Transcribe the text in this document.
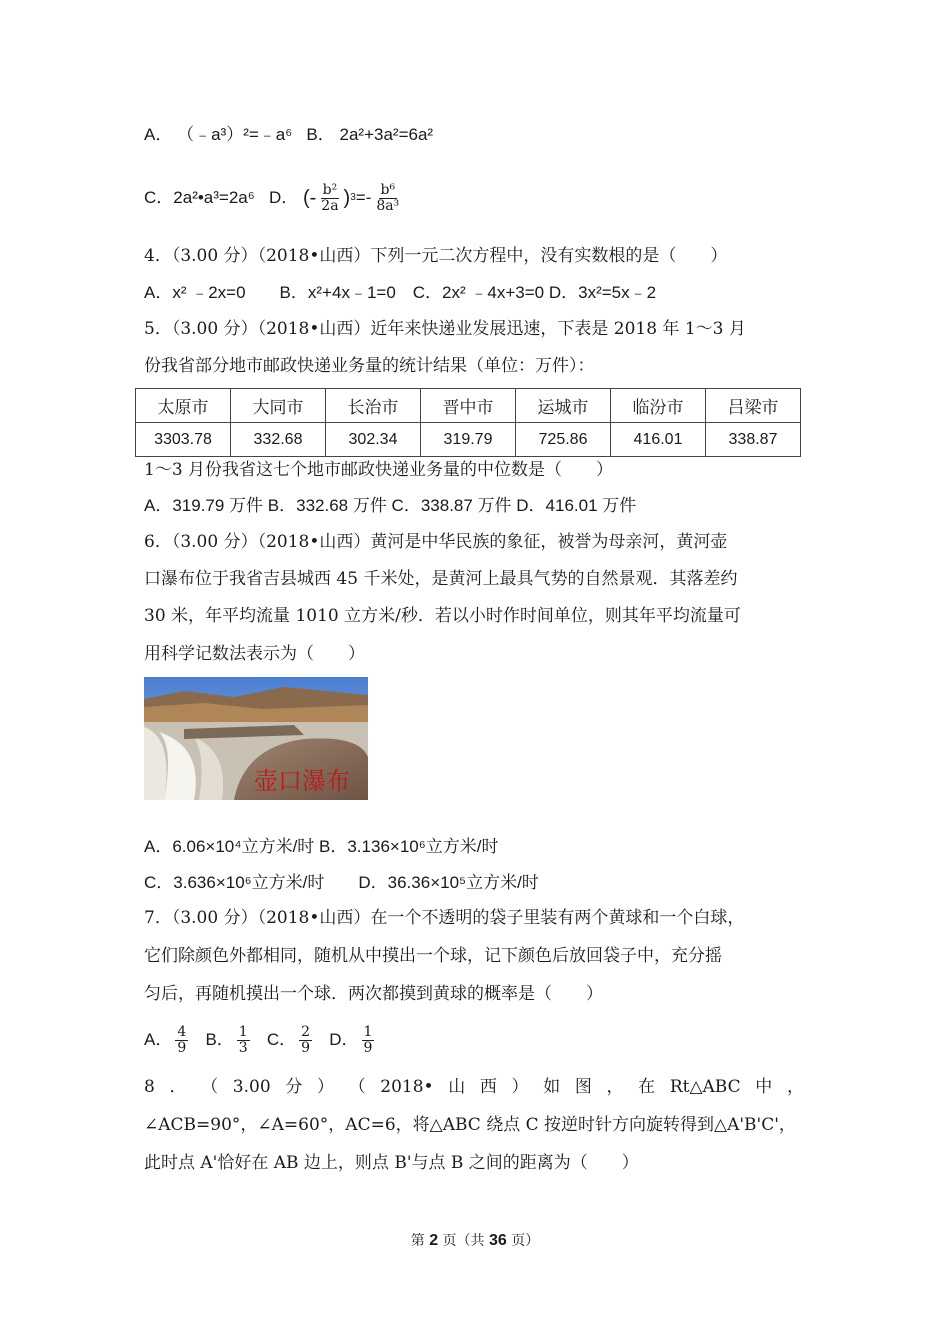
A． （﹣a³）²=﹣a⁶ B． 2a²+3a²=6a²
C． 2a²•a³=2a⁶
D．
(- $\frac{\text{b²}}{2a}$ ) $3 =- \frac{\text{b⁶}}{\text{8a³}}$
4．（3.00 分）（2018•山西）下列一元二次方程中，没有实数根的是（　　）
A．x² ﹣2x=0　　B．x²+4x﹣1=0　C．2x² ﹣4x+3=0 D．3x²=5x﹣2
5．（3.00 分）（2018•山西）近年来快递业发展迅速，下表是 2018 年 1～3 月
份我省部分地市邮政快递业务量的统计结果（单位：万件）：
太原市	大同市	长治市	晋中市	运城市	临汾市	吕梁市
3303.78	332.68	302.34	319.79	725.86	416.01	338.87
1～3 月份我省这七个地市邮政快递业务量的中位数是（　　）
A．319.79 万件 B．332.68 万件 C．338.87 万件 D．416.01 万件
6．（3.00 分）（2018•山西）黄河是中华民族的象征，被誉为母亲河，黄河壶
口瀑布位于我省吉县城西 45 千米处，是黄河上最具气势的自然景观．其落差约
30 米，年平均流量 1010 立方米/秒．若以小时作时间单位，则其年平均流量可
用科学记数法表示为（　　）
壶口瀑布
A．6.06×10⁴立方米/时 B．3.136×10⁶立方米/时
C．3.636×10⁶立方米/时　　D．36.36×10⁵立方米/时
7．（3.00 分）（2018•山西）在一个不透明的袋子里装有两个黄球和一个白球，
它们除颜色外都相同，随机从中摸出一个球，记下颜色后放回袋子中，充分摇
匀后，再随机摸出一个球．两次都摸到黄球的概率是（　　）
A． $\frac{4}{9}$
B． $\frac{1}{3}$
C． $\frac{2}{9}$
D． $\frac{1}{9}$
8 ． （ 3.00 分 ） （ 2018• 山 西 ） 如 图 ， 在 Rt△ABC 中 ，
∠ACB=90°，∠A=60°，AC=6，将△ABC 绕点 C 按逆时针方向旋转得到△A'B'C'，
此时点 A'恰好在 AB 边上，则点 B'与点 B 之间的距离为（　　）
第 2 页（共 36 页）
